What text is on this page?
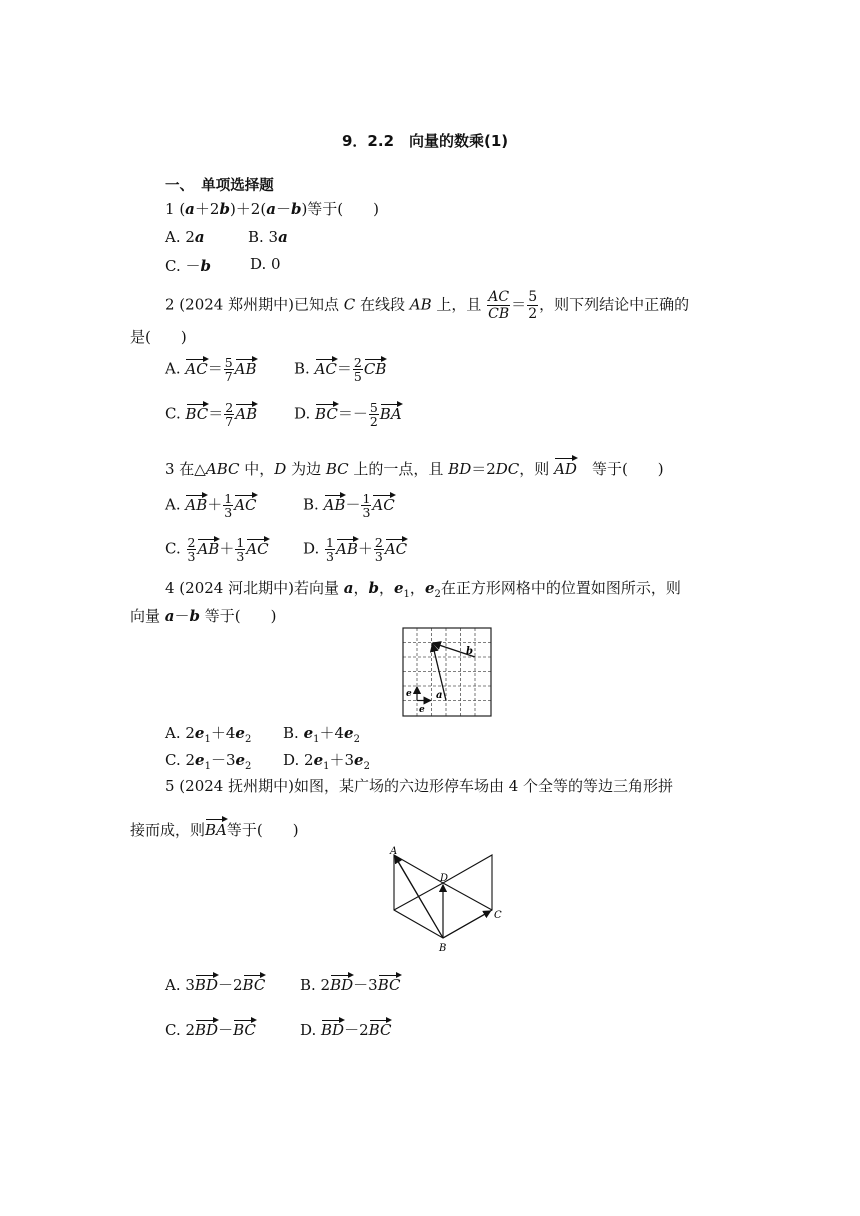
9．2.2　向量的数乘(1)
一、　单项选择题
1 (a＋2b)＋2(a－b)等于(　　)
A. 2a	B. 3a
C. －b	D. 0
2 (2024 郑州期中)已知点 C 在线段 AB 上，且 $\frac{AC}{CB} = \frac{5}{2}$ ，则下列结论中正确的
是(　　)
A. $AC= \frac{5}{7}$ AB B. $AC= \frac{2}{5}$ CB
C. $BC= \frac{2}{7}$ AB D. $BC=- \frac{5}{2}$ BA
3 在△ABC 中，D 为边 BC 上的一点，且 BD＝2DC，则 AD　等于(　　)
A. $AB+ \frac{1}{3}$ AC	B. $AB- \frac{1}{3}$ AC
C. $\frac{2}{3} AB+ \frac{1}{3}$ AC D. $\frac{1}{3} AB+ \frac{2}{3}$ AC
4 (2024 河北期中)若向量 a，b，$e_1$，$e_2$在正方形网格中的位置如图所示，则
向量 a－b 等于(　　)
b
a
e
e
A. $2e_1+4e_2$ B. $e_1+4e_2$
C. $2e_1-3e_2$ D. $2e_1+3e_2$
5 (2024 抚州期中)如图，某广场的六边形停车场由 4 个全等的等边三角形拼
接而成，则BA等于(　　)
A
D
C
B
A. 3BD－2BC B. 2BD－3BC
C. 2BD－BC	D. BD－2BC
